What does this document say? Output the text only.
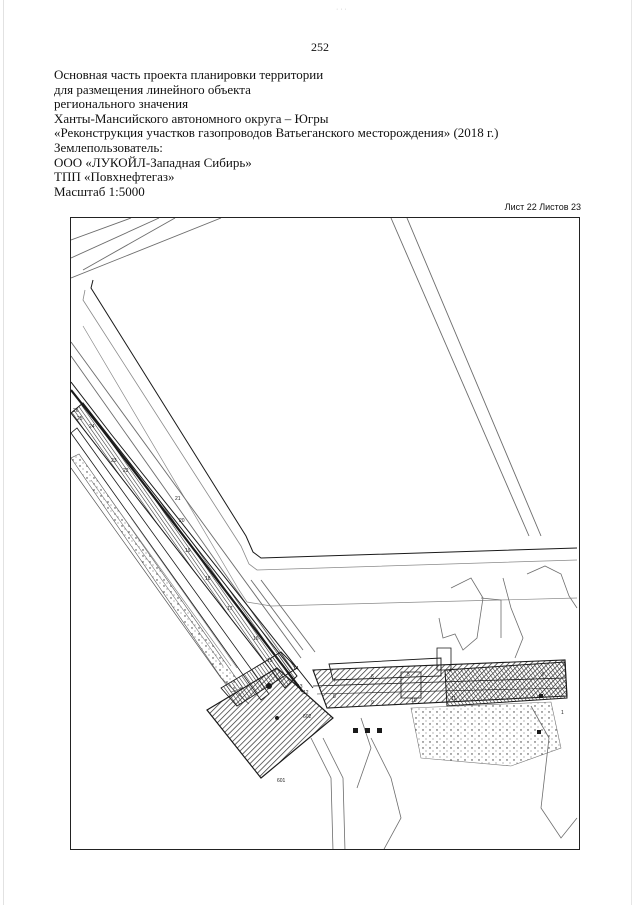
· · ·
252
Основная часть проекта планировки территории
для размещения линейного объекта
регионального значения
Ханты-Мансийского автономного округа – Югры
«Реконструкция участков газопроводов Ватьеганского месторождения» (2018 г.)
Землепользователь:
ООО «ЛУКОЙЛ-Западная Сибирь»
ТПП «Повхнефтегаз»
Масштаб 1:5000
Лист 22 Листов 23
26
25
24
23
22
21
20
19
18
17
16
15
14
13
12
1
2
3
4
5
6
7
8
9	10	11
601
602
